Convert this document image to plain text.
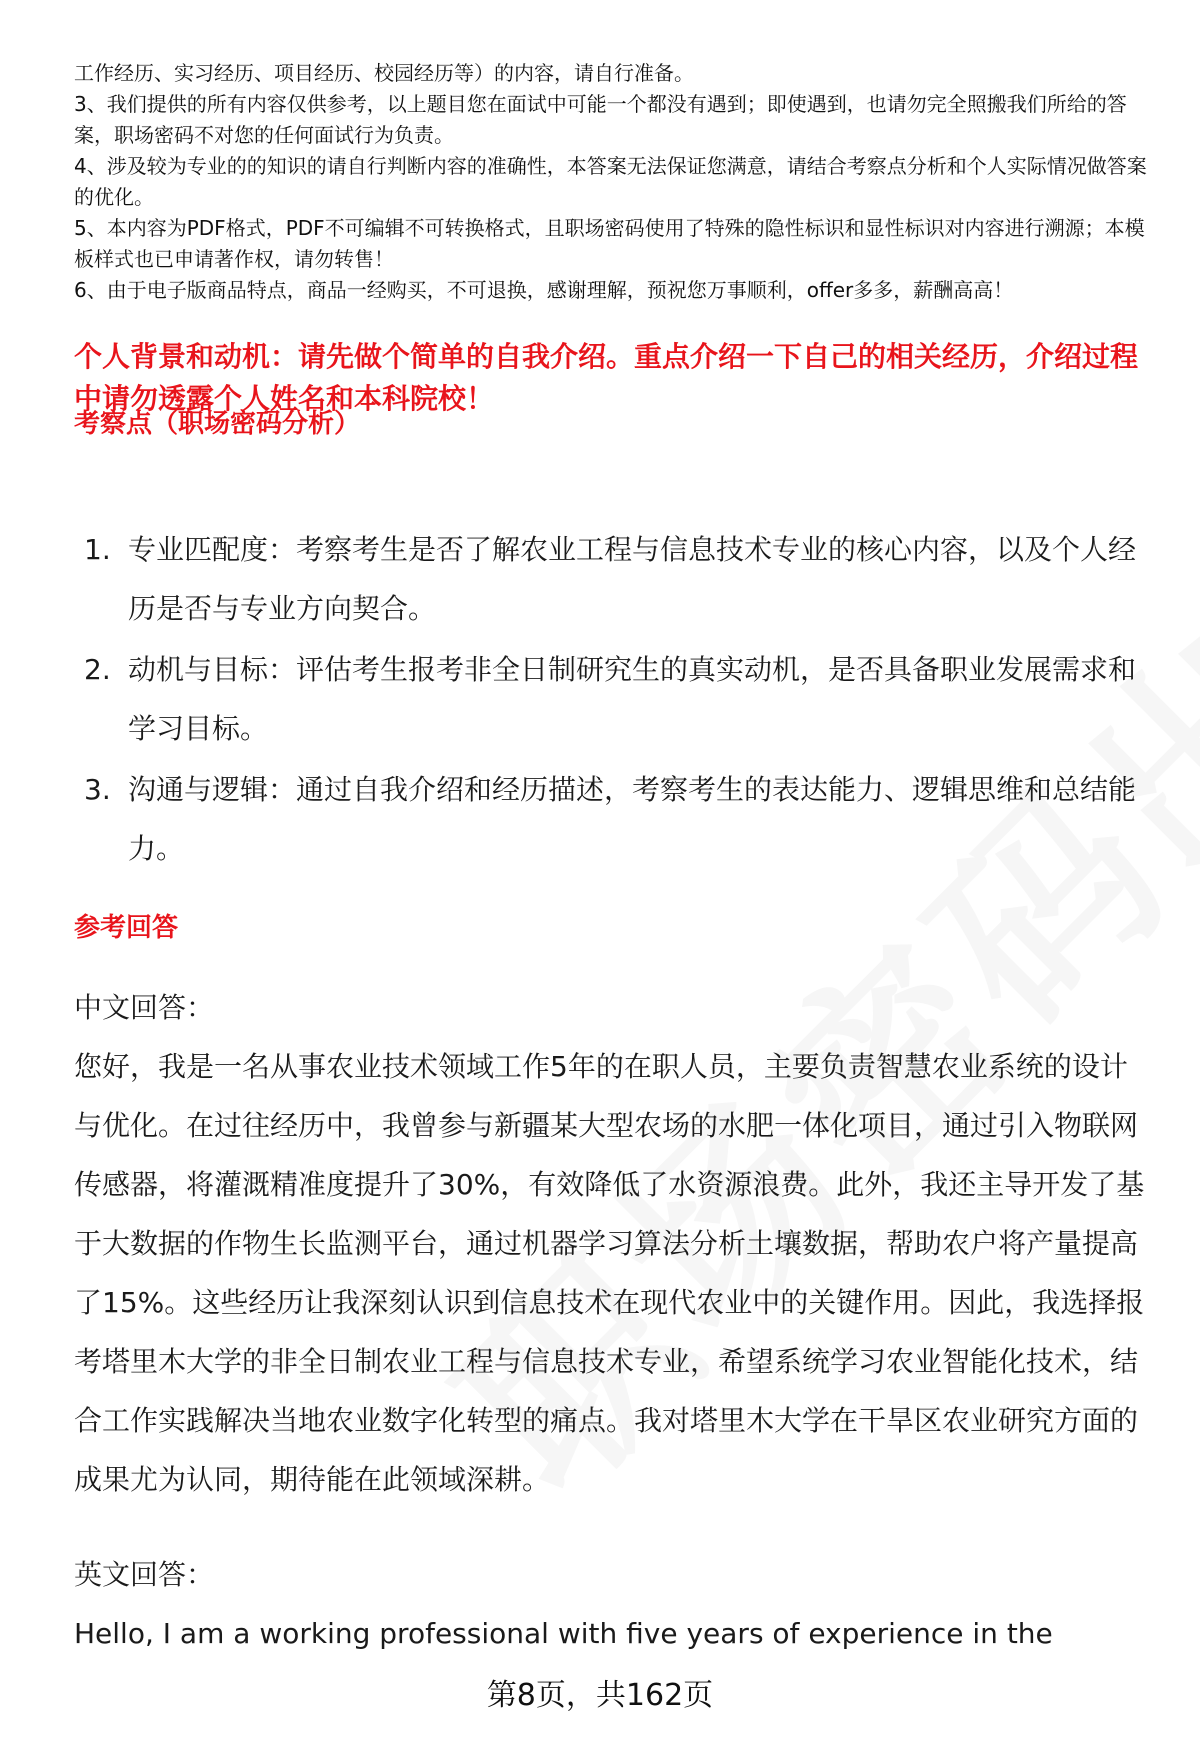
工作经历、实习经历、项目经历、校园经历等）的内容，请自行准备。

3、我们提供的所有内容仅供参考，以上题目您在面试中可能一个都没有遇到；即使遇到，也请勿完全照搬我们所给的答案，职场密码不对您的任何面试行为负责。

4、涉及较为专业的的知识的请自行判断内容的准确性，本答案无法保证您满意，请结合考察点分析和个人实际情况做答案的优化。

5、本内容为PDF格式，PDF不可编辑不可转换格式，且职场密码使用了特殊的隐性标识和显性标识对内容进行溯源；本模板样式也已申请著作权，请勿转售！

6、由于电子版商品特点，商品一经购买，不可退换，感谢理解，预祝您万事顺利，offer多多，薪酬高高！

个人背景和动机：请先做个简单的自我介绍。重点介绍一下自己的相关经历，介绍过程中请勿透露个人姓名和本科院校！
考察点（职场密码分析）
1. 专业匹配度：考察考生是否了解农业工程与信息技术专业的核心内容，以及个人经历是否与专业方向契合。
2. 动机与目标：评估考生报考非全日制研究生的真实动机，是否具备职业发展需求和学习目标。
3. 沟通与逻辑：通过自我介绍和经历描述，考察考生的表达能力、逻辑思维和总结能力。
参考回答

中文回答：

您好，我是一名从事农业技术领域工作5年的在职人员，主要负责智慧农业系统的设计与优化。在过往经历中，我曾参与新疆某大型农场的水肥一体化项目，通过引入物联网传感器，将灌溉精准度提升了30%，有效降低了水资源浪费。此外，我还主导开发了基于大数据的作物生长监测平台，通过机器学习算法分析土壤数据，帮助农户将产量提高了15%。这些经历让我深刻认识到信息技术在现代农业中的关键作用。因此，我选择报考塔里木大学的非全日制农业工程与信息技术专业，希望系统学习农业智能化技术，结合工作实践解决当地农业数字化转型的痛点。我对塔里木大学在干旱区农业研究方面的成果尤为认同，期待能在此领域深耕。

英文回答：

Hello, I am a working professional with five years of experience in the

第8页，共162页
